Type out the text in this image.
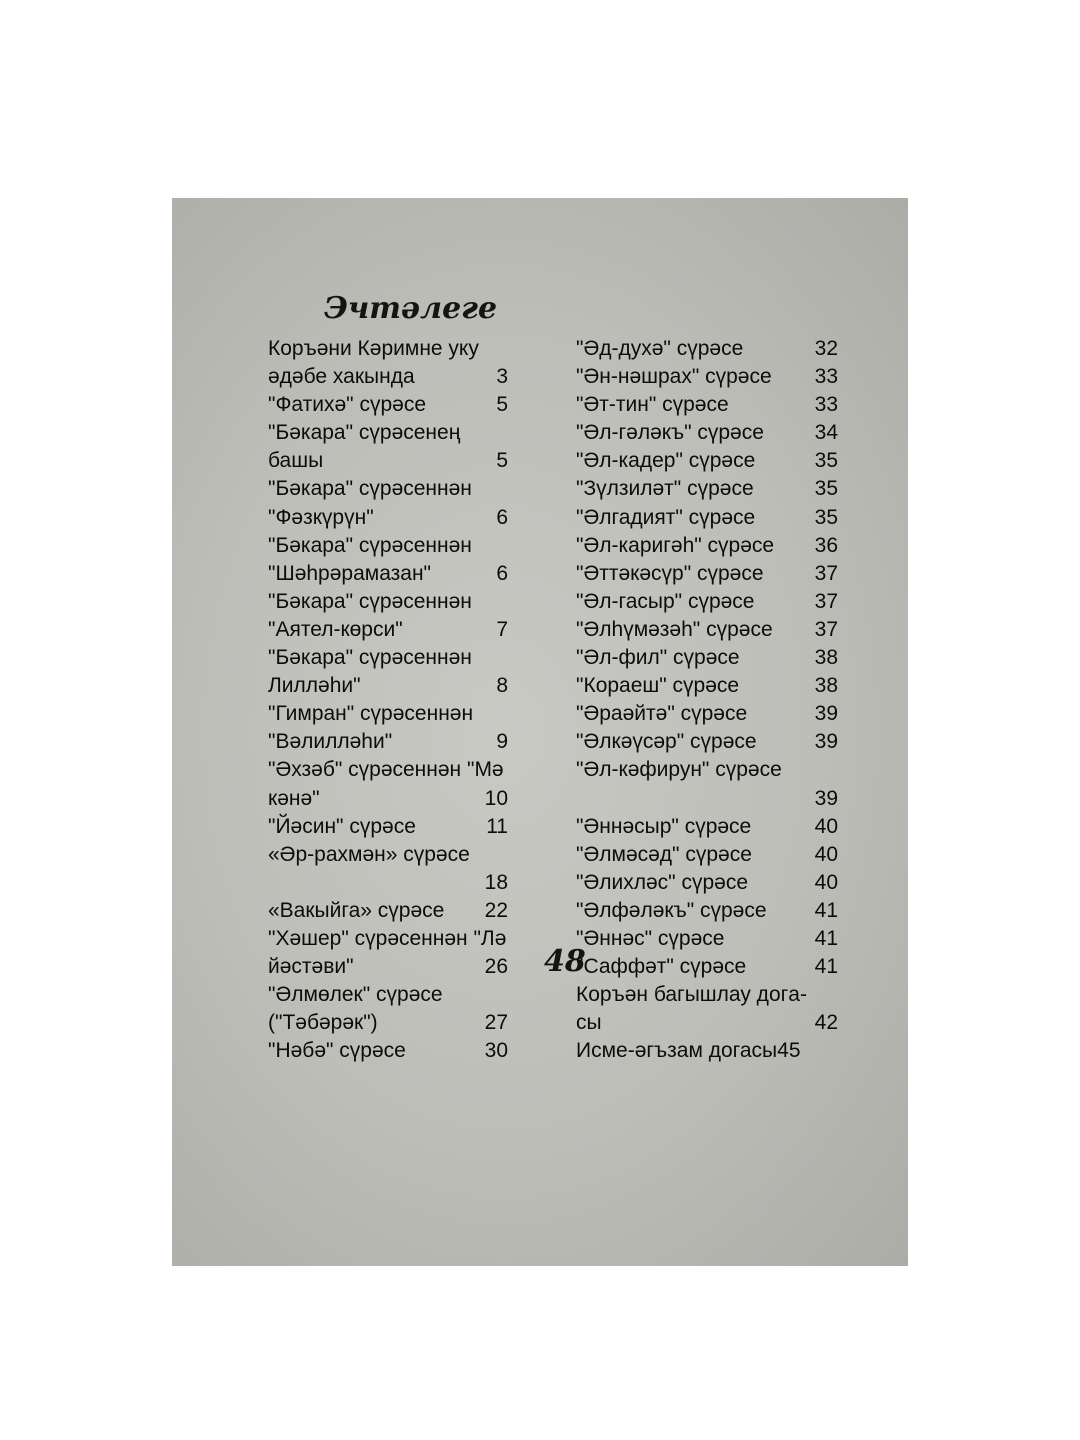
Эчтәлеге
Коръәни Кәримне уку
әдәбе хакында	3
"Фатихә" сүрәсе	5
"Бәкара" сүрәсенең
башы	5
"Бәкара" сүрәсеннән
"Фәзкүрүн"	6
"Бәкара" сүрәсеннән
"Шәһрәрамазан"	6
"Бәкара" сүрәсеннән
"Аятел-көрси"	7
"Бәкара" сүрәсеннән
Лилләһи"	8
"Гимран" сүрәсеннән
"Вәлилләһи"	9
"Әхзәб" сүрәсеннән "Мә
кәнә"	10
"Йәсин" сүрәсе	11
«Әр-рахмән» сүрәсе
18
«Вакыйга» сүрәсе 22
"Хәшер" сүрәсеннән "Лә
йәстәви"	26
"Әлмөлек" сүрәсе
("Тәбәрәк")	27
"Нәбә" сүрәсе	30
"Әд-духә" сүрәсе	32
"Ән-нәшрах" сүрәсе 33
"Әт-тин" сүрәсе	33
"Әл-гәләкъ" сүрәсе 34
"Әл-кадер" сүрәсе	35
"Зүлзиләт" сүрәсе	35
"Әлгадият" сүрәсе	35
"Әл-каригәһ" сүрәсе 36
"Әттәкәсүр" сүрәсе 37
"Әл-гасыр" сүрәсе	37
"Әлһүмәзәһ" сүрәсе 37
"Әл-фил" сүрәсе	38
"Кораеш" сүрәсе	38
"Әраәйтә" сүрәсе	39
"Әлкәүсәр" сүрәсе	39
"Әл-кәфирун" сүрәсе
39
"Әннәсыр" сүрәсе	40
"Әлмәсәд" сүрәсе	40
"Әлихләс" сүрәсе	40
"Әлфәләкъ" сүрәсе 41
"Әннәс" сүрәсе	41
"Саффәт" сүрәсе	41
Коръән багышлау догa-
сы	42
Исме-әгъзам догасы 45
48
